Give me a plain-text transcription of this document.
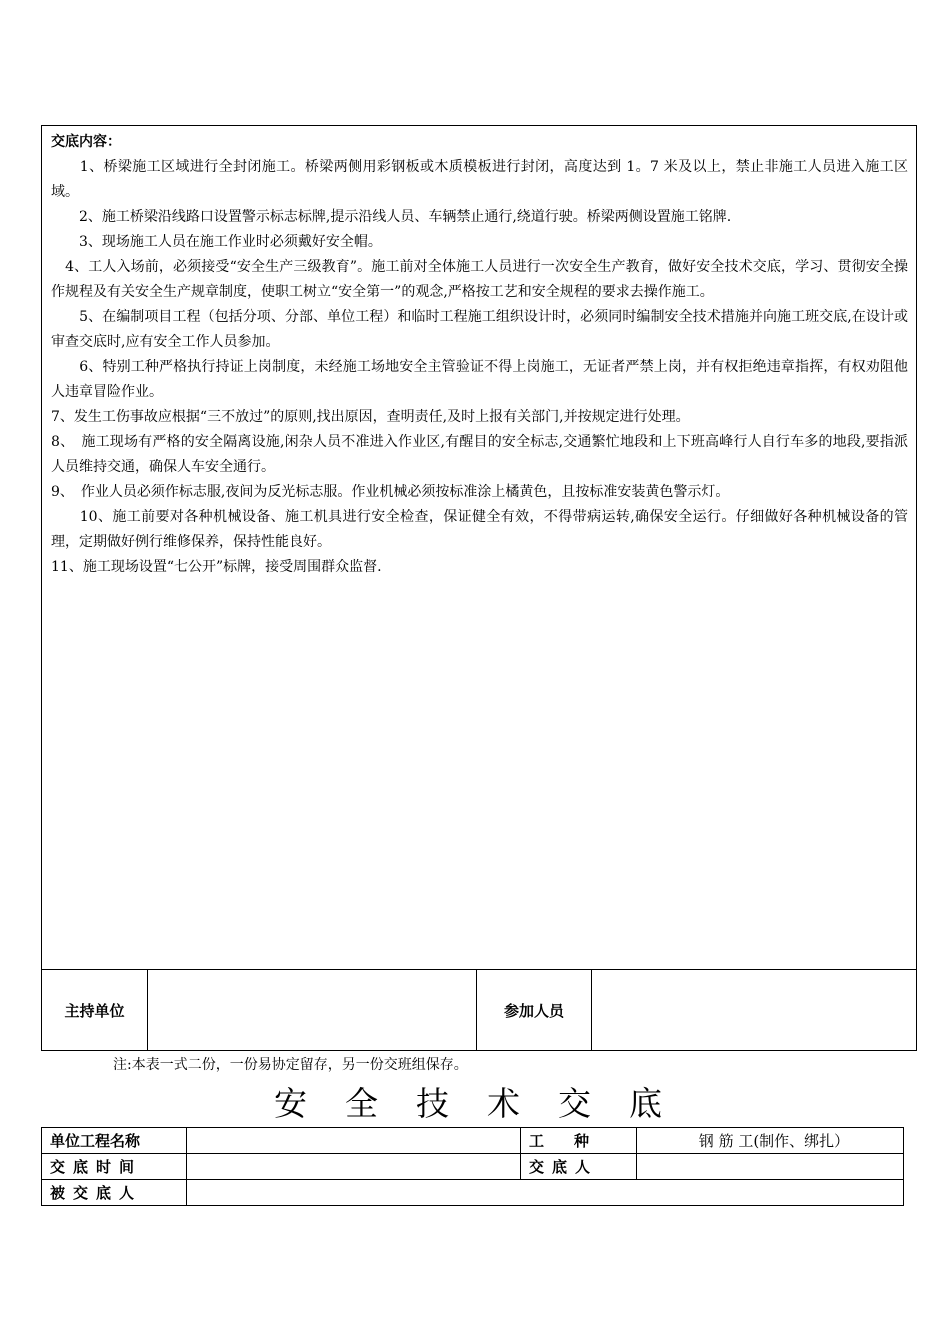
交底内容：

　　1、桥梁施工区域进行全封闭施工。桥梁两侧用彩钢板或木质模板进行封闭，高度达到 1。7 米及以上，禁止非施工人员进入施工区域。

　　2、施工桥梁沿线路口设置警示标志标牌,提示沿线人员、车辆禁止通行,绕道行驶。桥梁两侧设置施工铭牌.

　　3、现场施工人员在施工作业时必须戴好安全帽。

　4、工人入场前，必须接受“安全生产三级教育”。施工前对全体施工人员进行一次安全生产教育，做好安全技术交底，学习、贯彻安全操作规程及有关安全生产规章制度，使职工树立“安全第一”的观念,严格按工艺和安全规程的要求去操作施工。

　　5、在编制项目工程（包括分项、分部、单位工程）和临时工程施工组织设计时，必须同时编制安全技术措施并向施工班交底,在设计或审查交底时,应有安全工作人员参加。

　　6、特别工种严格执行持证上岗制度，未经施工场地安全主管验证不得上岗施工，无证者严禁上岗，并有权拒绝违章指挥，有权劝阻他人违章冒险作业。

7、发生工伤事故应根据“三不放过”的原则,找出原因，查明责任,及时上报有关部门,并按规定进行处理。

8、　施工现场有严格的安全隔离设施,闲杂人员不准进入作业区,有醒目的安全标志,交通繁忙地段和上下班高峰行人自行车多的地段,要指派人员维持交通，确保人车安全通行。

9、　作业人员必须作标志服,夜间为反光标志服。作业机械必须按标准涂上橘黄色，且按标准安装黄色警示灯。

　　10、施工前要对各种机械设备、施工机具进行安全检查，保证健全有效，不得带病运转,确保安全运行。仔细做好各种机械设备的管理，定期做好例行维修保养，保持性能良好。

11、施工现场设置“七公开”标牌，接受周围群众监督.

主持单位	参加人员
注:本表一式二份，一份易协定留存，另一份交班组保存。
安全技术交底
单位工程名称		工　　种	钢 筋 工(制作、绑扎）
交底时间		交底人	
被交底人			
